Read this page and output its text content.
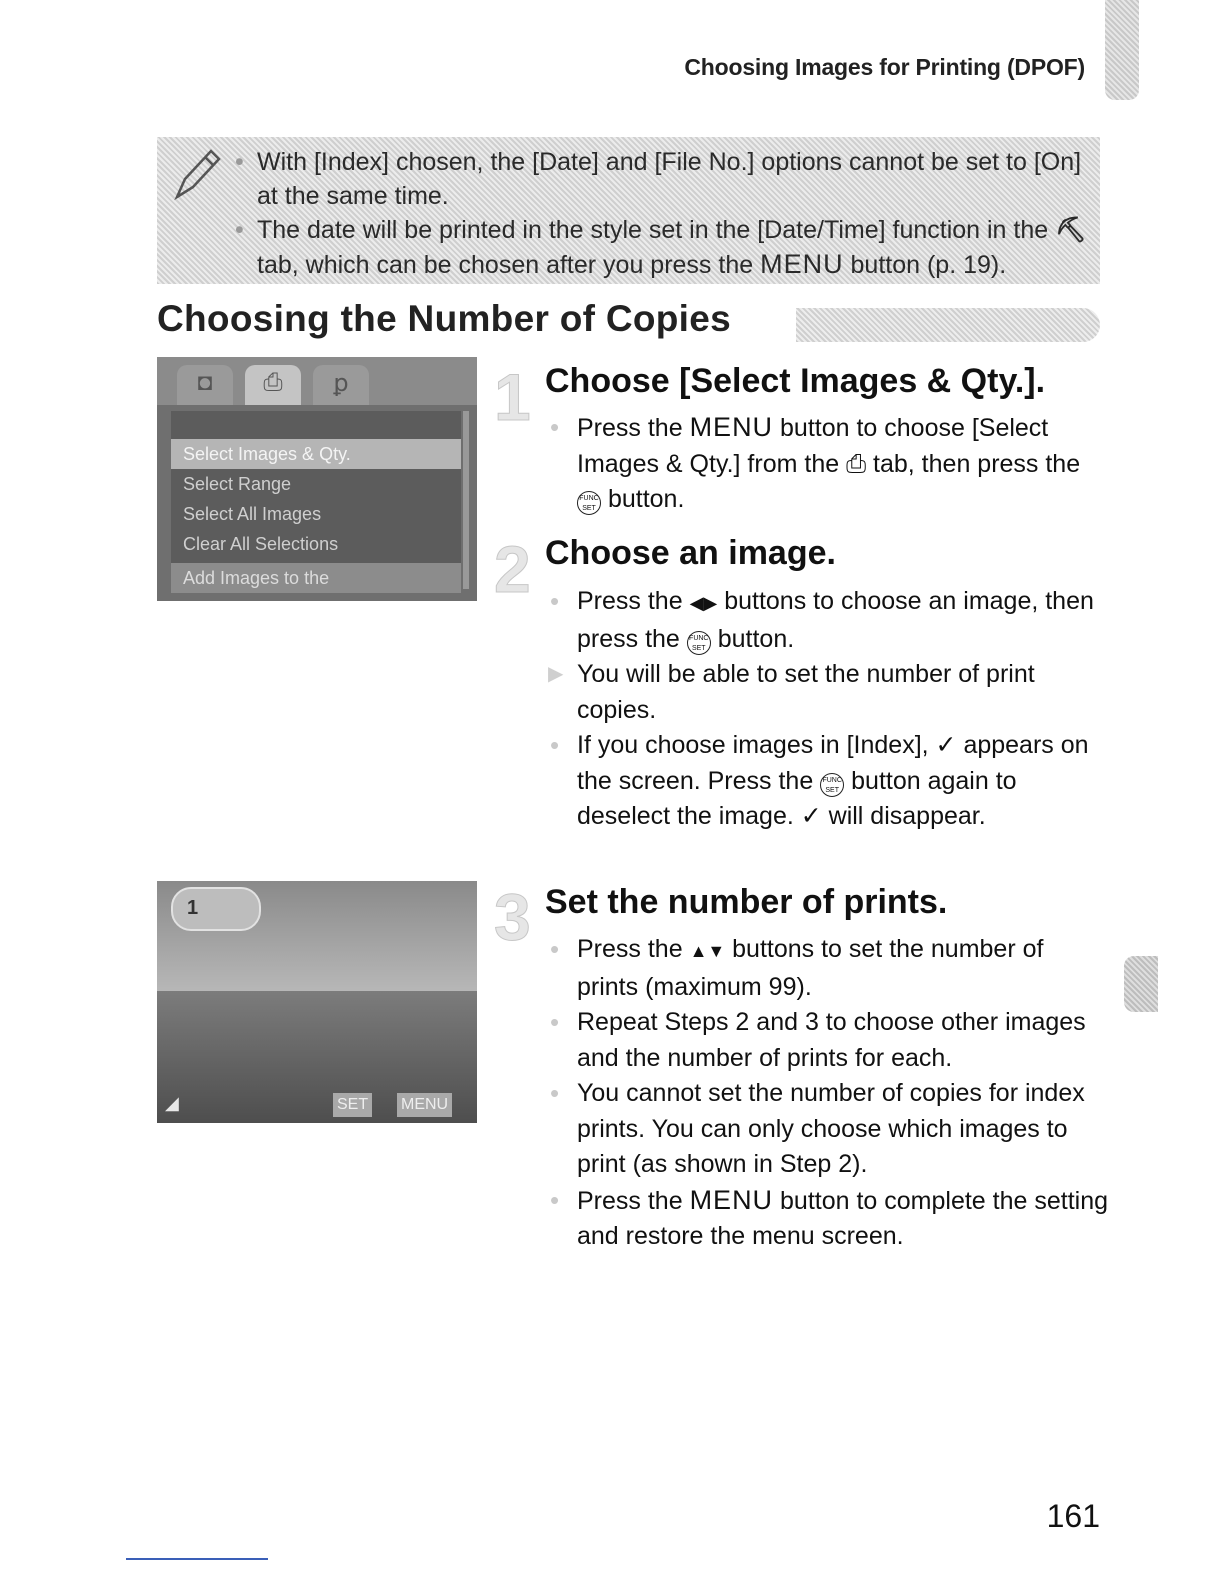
Choosing Images for Printing (DPOF)
• With [Index] chosen, the [Date] and [File No.] options cannot be set to [On] at the same time.
• The date will be printed in the style set in the [Date/Time] function in the ⛏ tab, which can be chosen after you press the MENU button (p. 19).
Choosing the Number of Copies
◘	⎙	ꝑ
Select Images & Qty.
Select Range
Select All Images
Clear All Selections
Add Images to the
1
◢	SET MENU
1 Choose [Select Images & Qty.].
• Press the MENU button to choose [Select Images & Qty.] from the ⎙ tab, then press the FUNC SET button.
2 Choose an image.
• Press the ◀▶ buttons to choose an image, then press the FUNC SET button.
▶ You will be able to set the number of print copies.
• If you choose images in [Index], ✓ appears on the screen. Press the FUNC SET button again to deselect the image. ✓ will disappear.
3 Set the number of prints.
• Press the ▲▼ buttons to set the number of prints (maximum 99).
• Repeat Steps 2 and 3 to choose other images and the number of prints for each.
• You cannot set the number of copies for index prints. You can only choose which images to print (as shown in Step 2).
• Press the MENU button to complete the setting and restore the menu screen.
161
